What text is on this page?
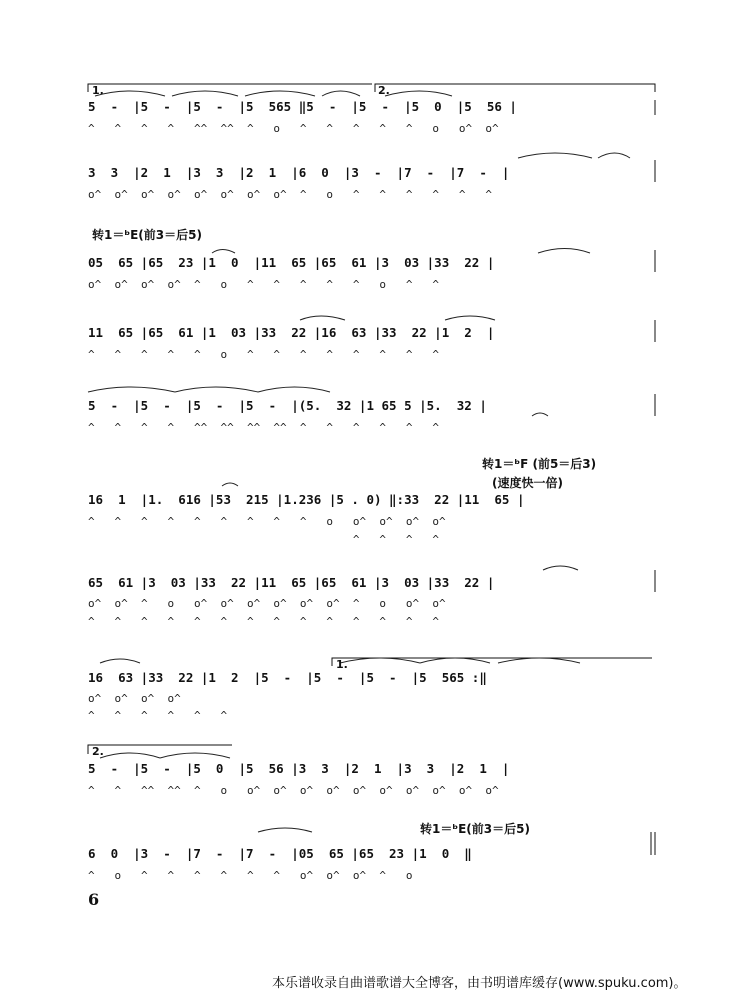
1.	2.
5  -  |5  -  |5  -  |5  565 ‖5  -  |5  -  |5  0  |5  56 |
^   ^   ^   ^   ^^  ^^  ^   o   ^   ^   ^   ^   ^   o   o^  o^
3  3  |2  1  |3  3  |2  1  |6  0  |3  -  |7  -  |7  -  |
o^  o^  o^  o^  o^  o^  o^  o^  ^   o   ^   ^   ^   ^   ^   ^
转1＝ᵇE(前3＝后5)
05  65 |65  23 |1  0  |11  65 |65  61 |3  03 |33  22 |
o^  o^  o^  o^  ^   o   ^   ^   ^   ^   ^   o   ^   ^
11  65 |65  61 |1  03 |33  22 |16  63 |33  22 |1  2  |
^   ^   ^   ^   ^   o   ^   ^   ^   ^   ^   ^   ^   ^
5  -  |5  -  |5  -  |5  -  |(5.  32 |1 65 5 |5.  32 |
^   ^   ^   ^   ^^  ^^  ^^  ^^  ^   ^   ^   ^   ^   ^
转1＝ᵇF (前5＝后3)
(速度快一倍)
16  1  |1.  616 |53  215 |1.236 |5 . 0) ‖:33  22 |11  65 |
^   ^   ^   ^   ^   ^   ^   ^   ^   o   o^  o^  o^  o^
^   ^   ^   ^
65  61 |3  03 |33  22 |11  65 |65  61 |3  03 |33  22 |
o^  o^  ^   o   o^  o^  o^  o^  o^  o^  ^   o   o^  o^
^   ^   ^   ^   ^   ^   ^   ^   ^   ^   ^   ^   ^   ^
1.
16  63 |33  22 |1  2  |5  -  |5  -  |5  -  |5  565 :‖
o^  o^  o^  o^
^   ^   ^   ^   ^   ^
2.
5  -  |5  -  |5  0  |5  56 |3  3  |2  1  |3  3  |2  1  |
^   ^   ^^  ^^  ^   o   o^  o^  o^  o^  o^  o^  o^  o^  o^  o^
转1＝ᵇE(前3＝后5)
6  0  |3  -  |7  -  |7  -  |05  65 |65  23 |1  0  ‖
^   o   ^   ^   ^   ^   ^   ^   o^  o^  o^  ^   o
6
本乐谱收录自曲谱歌谱大全博客，由书明谱库缓存(www.spuku.com)。
